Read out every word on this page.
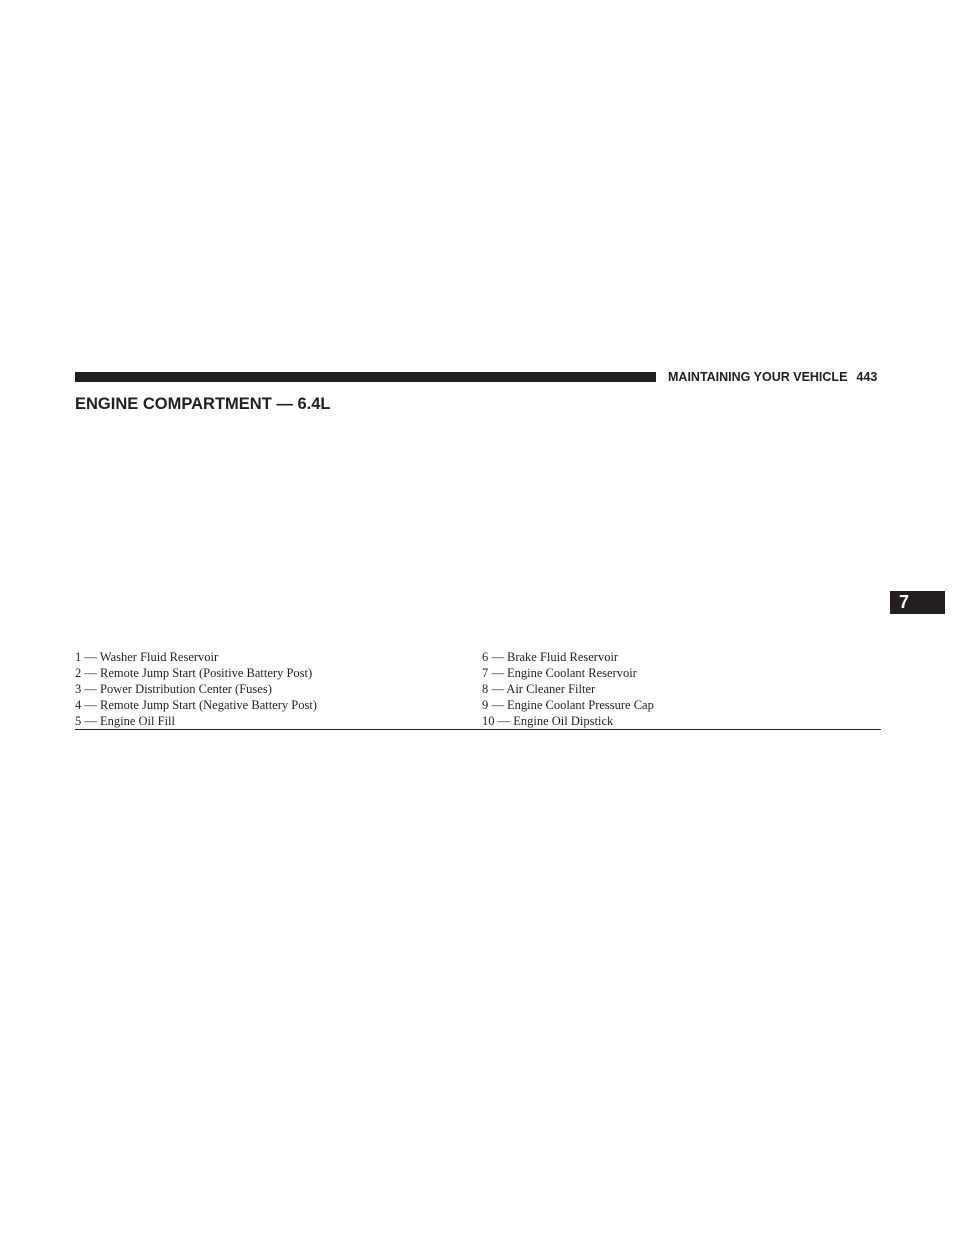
MAINTAINING YOUR VEHICLE 443
ENGINE COMPARTMENT — 6.4L
7
1 — Washer Fluid Reservoir
2 — Remote Jump Start (Positive Battery Post)
3 — Power Distribution Center (Fuses)
4 — Remote Jump Start (Negative Battery Post)
5 — Engine Oil Fill
6 — Brake Fluid Reservoir
7 — Engine Coolant Reservoir
8 — Air Cleaner Filter
9 — Engine Coolant Pressure Cap
10 — Engine Oil Dipstick
